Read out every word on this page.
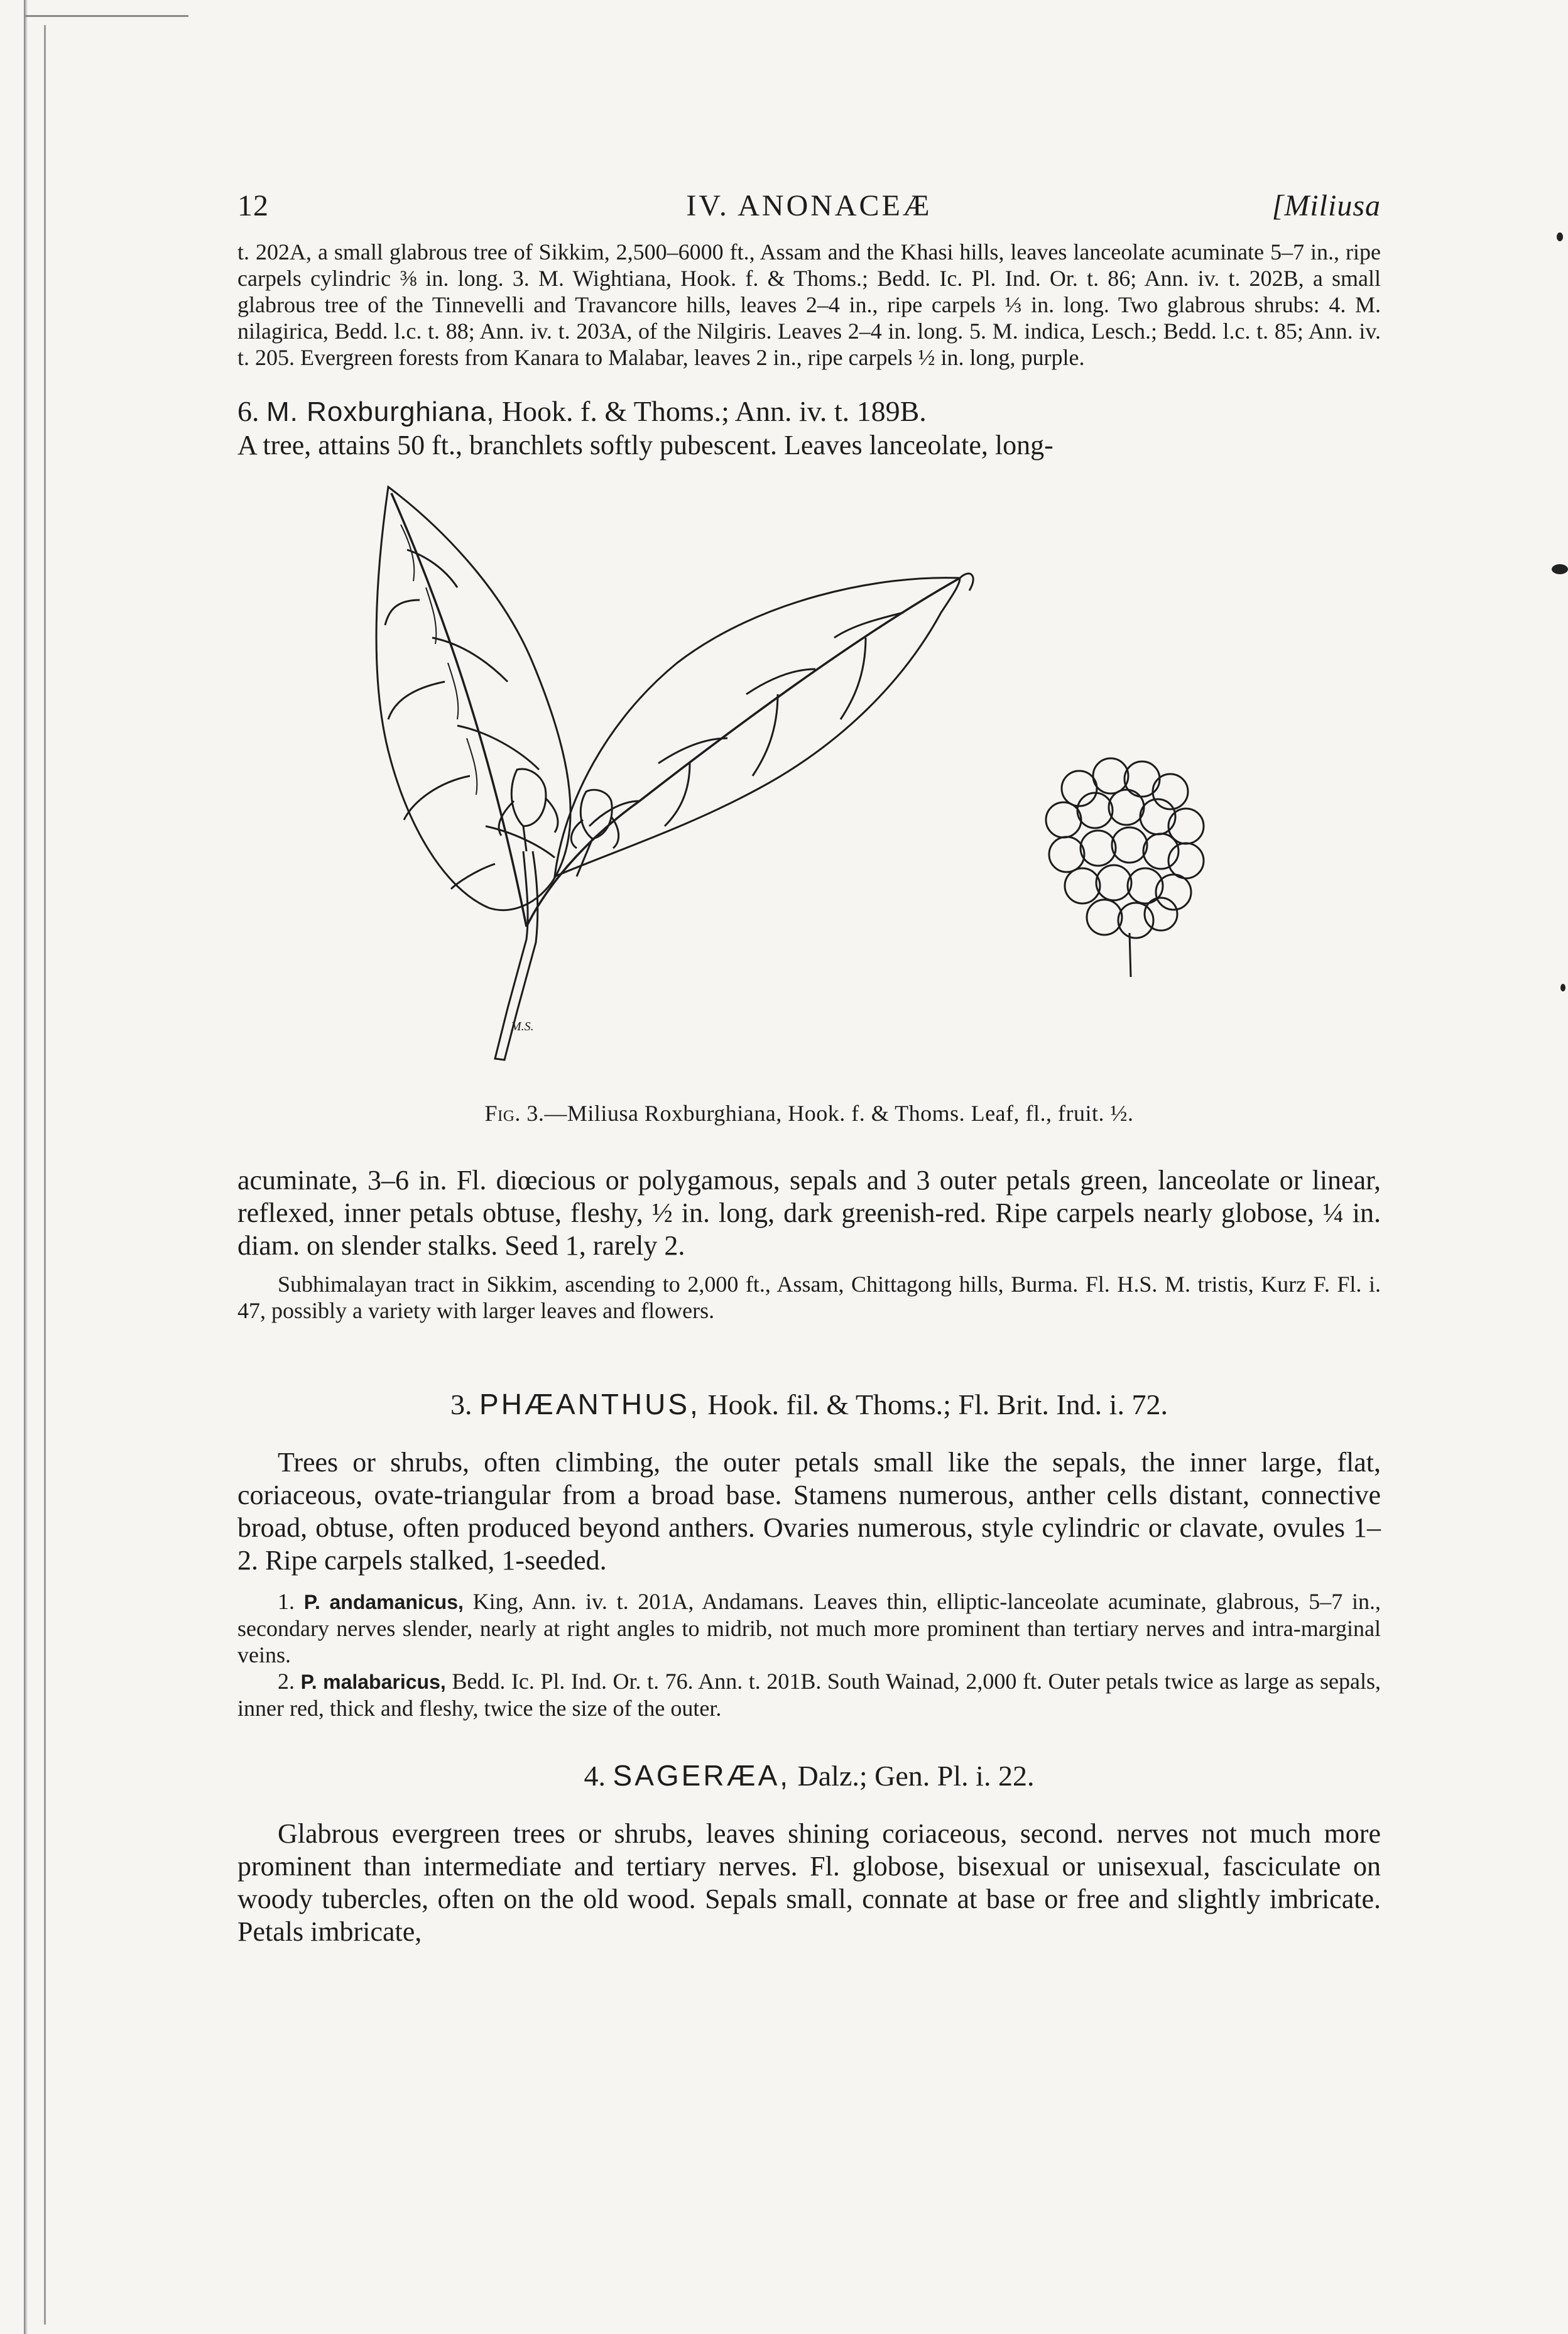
12	IV. ANONACEÆ	[Miliusa

t. 202A, a small glabrous tree of Sikkim, 2,500–6000 ft., Assam and the Khasi hills, leaves lanceolate acuminate 5–7 in., ripe carpels cylindric ⅜ in. long. 3. M. Wightiana, Hook. f. & Thoms.; Bedd. Ic. Pl. Ind. Or. t. 86; Ann. iv. t. 202B, a small glabrous tree of the Tinnevelli and Travancore hills, leaves 2–4 in., ripe carpels ⅓ in. long. Two glabrous shrubs: 4. M. nilagirica, Bedd. l.c. t. 88; Ann. iv. t. 203A, of the Nilgiris. Leaves 2–4 in. long. 5. M. indica, Lesch.; Bedd. l.c. t. 85; Ann. iv. t. 205. Evergreen forests from Kanara to Malabar, leaves 2 in., ripe carpels ½ in. long, purple.

6. M. Roxburghiana, Hook. f. & Thoms.; Ann. iv. t. 189B.

A tree, attains 50 ft., branchlets softly pubescent. Leaves lanceolate, long-

M.S.

Fig. 3.—Miliusa Roxburghiana, Hook. f. & Thoms. Leaf, fl., fruit. ½.

acuminate, 3–6 in. Fl. diœcious or polygamous, sepals and 3 outer petals green, lanceolate or linear, reflexed, inner petals obtuse, fleshy, ½ in. long, dark greenish-red. Ripe carpels nearly globose, ¼ in. diam. on slender stalks. Seed 1, rarely 2.

Subhimalayan tract in Sikkim, ascending to 2,000 ft., Assam, Chittagong hills, Burma. Fl. H.S. M. tristis, Kurz F. Fl. i. 47, possibly a variety with larger leaves and flowers.

3. PHÆANTHUS, Hook. fil. & Thoms.; Fl. Brit. Ind. i. 72.

Trees or shrubs, often climbing, the outer petals small like the sepals, the inner large, flat, coriaceous, ovate-triangular from a broad base. Stamens numerous, anther cells distant, connective broad, obtuse, often produced beyond anthers. Ovaries numerous, style cylindric or clavate, ovules 1–2. Ripe carpels stalked, 1-seeded.

1. P. andamanicus, King, Ann. iv. t. 201A, Andamans. Leaves thin, elliptic-lanceolate acuminate, glabrous, 5–7 in., secondary nerves slender, nearly at right angles to midrib, not much more prominent than tertiary nerves and intra-marginal veins.

2. P. malabaricus, Bedd. Ic. Pl. Ind. Or. t. 76. Ann. t. 201B. South Wainad, 2,000 ft. Outer petals twice as large as sepals, inner red, thick and fleshy, twice the size of the outer.

4. SAGERÆA, Dalz.; Gen. Pl. i. 22.

Glabrous evergreen trees or shrubs, leaves shining coriaceous, second. nerves not much more prominent than intermediate and tertiary nerves. Fl. globose, bisexual or unisexual, fasciculate on woody tubercles, often on the old wood. Sepals small, connate at base or free and slightly imbricate. Petals imbricate,
